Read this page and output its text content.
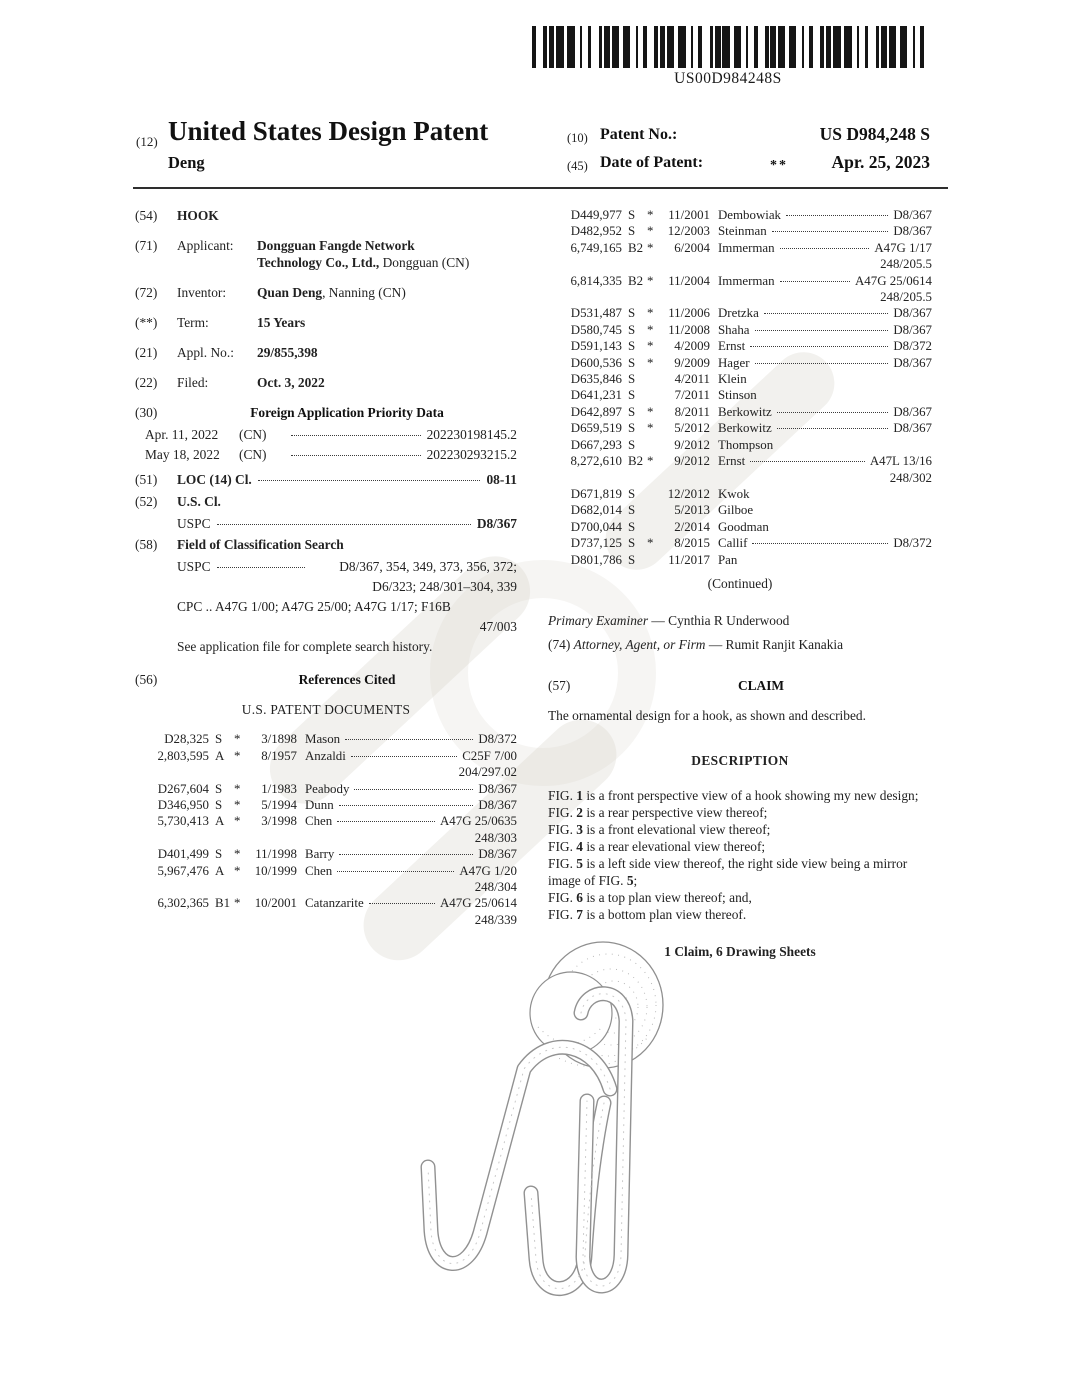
US00D984248S
(12) United States Design Patent
Deng
(10) Patent No.:	US D984,248 S
(45) Date of Patent:	** Apr. 25, 2023
(54)	HOOK
(71)	Applicant:	Dongguan Fangde Network
Technology Co., Ltd., Dongguan (CN)
(72)	Inventor:	Quan Deng, Nanning (CN)
(**)	Term:	15 Years
(21)	Appl. No.:	29/855,398
(22)	Filed:	Oct. 3, 2022
(30)	Foreign Application Priority Data
Apr. 11, 2022	(CN)	202230198145.2
May 18, 2022	(CN)	202230293215.2
(51)	LOC (14) Cl.	08-11
(52)	U.S. Cl.
USPC	D8/367
(58)	Field of Classification Search
USPC	D8/367, 354, 349, 373, 356, 372;
D6/323; 248/301–304, 339
CPC .. A47G 1/00; A47G 25/00; A47G 1/17; F16B
47/003
See application file for complete search history.
(56)	References Cited
U.S. PATENT DOCUMENTS
D28,325 S *	3/1898 Mason	D8/372
2,803,595 A *	8/1957 Anzaldi	C25F 7/00
204/297.02
D267,604 S *	1/1983 Peabody	D8/367
D346,950 S *	5/1994 Dunn	D8/367
5,730,413 A *	3/1998 Chen	A47G 25/0635
248/303
D401,499 S *	11/1998 Barry	D8/367
5,967,476 A *	10/1999 Chen	A47G 1/20
248/304
6,302,365 B1 *	10/2001 Catanzarite	A47G 25/0614
248/339
D449,977 S *	11/2001 Dembowiak	D8/367
D482,952 S *	12/2003 Steinman	D8/367
6,749,165 B2 *	6/2004 Immerman	A47G 1/17
248/205.5
6,814,335 B2 *	11/2004 Immerman	A47G 25/0614
248/205.5
D531,487 S *	11/2006 Dretzka	D8/367
D580,745 S *	11/2008 Shaha	D8/367
D591,143 S *	4/2009 Ernst	D8/372
D600,536 S *	9/2009 Hager	D8/367
D635,846 S	4/2011 Klein
D641,231 S	7/2011 Stinson
D642,897 S *	8/2011 Berkowitz	D8/367
D659,519 S *	5/2012 Berkowitz	D8/367
D667,293 S	9/2012 Thompson
8,272,610 B2 *	9/2012 Ernst	A47L 13/16
248/302
D671,819 S	12/2012 Kwok
D682,014 S	5/2013 Gilboe
D700,044 S	2/2014 Goodman
D737,125 S *	8/2015 Callif	D8/372
D801,786 S	11/2017 Pan
(Continued)
Primary Examiner — Cynthia R Underwood
(74) Attorney, Agent, or Firm — Rumit Ranjit Kanakia
(57)	CLAIM
The ornamental design for a hook, as shown and described.
DESCRIPTION
FIG. 1 is a front perspective view of a hook showing my new design;
FIG. 2 is a rear perspective view thereof;
FIG. 3 is a front elevational view thereof;
FIG. 4 is a rear elevational view thereof;
FIG. 5 is a left side view thereof, the right side view being a mirror image of FIG. 5;
FIG. 6 is a top plan view thereof; and,
FIG. 7 is a bottom plan view thereof.
1 Claim, 6 Drawing Sheets
